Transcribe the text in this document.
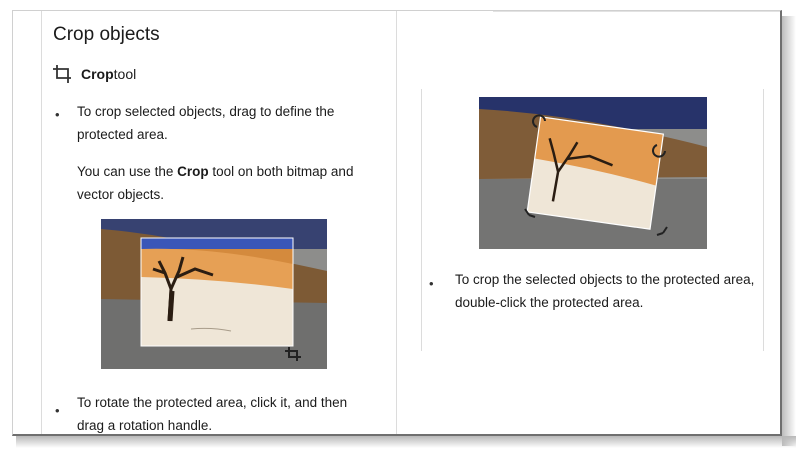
Crop objects
Crop tool
• To crop selected objects, drag to define the protected area.
You can use the Crop tool on both bitmap and vector objects.
•
To rotate the protected area, click it, and then drag a rotation handle.
• To crop the selected objects to the protected area, double-click the protected area.
